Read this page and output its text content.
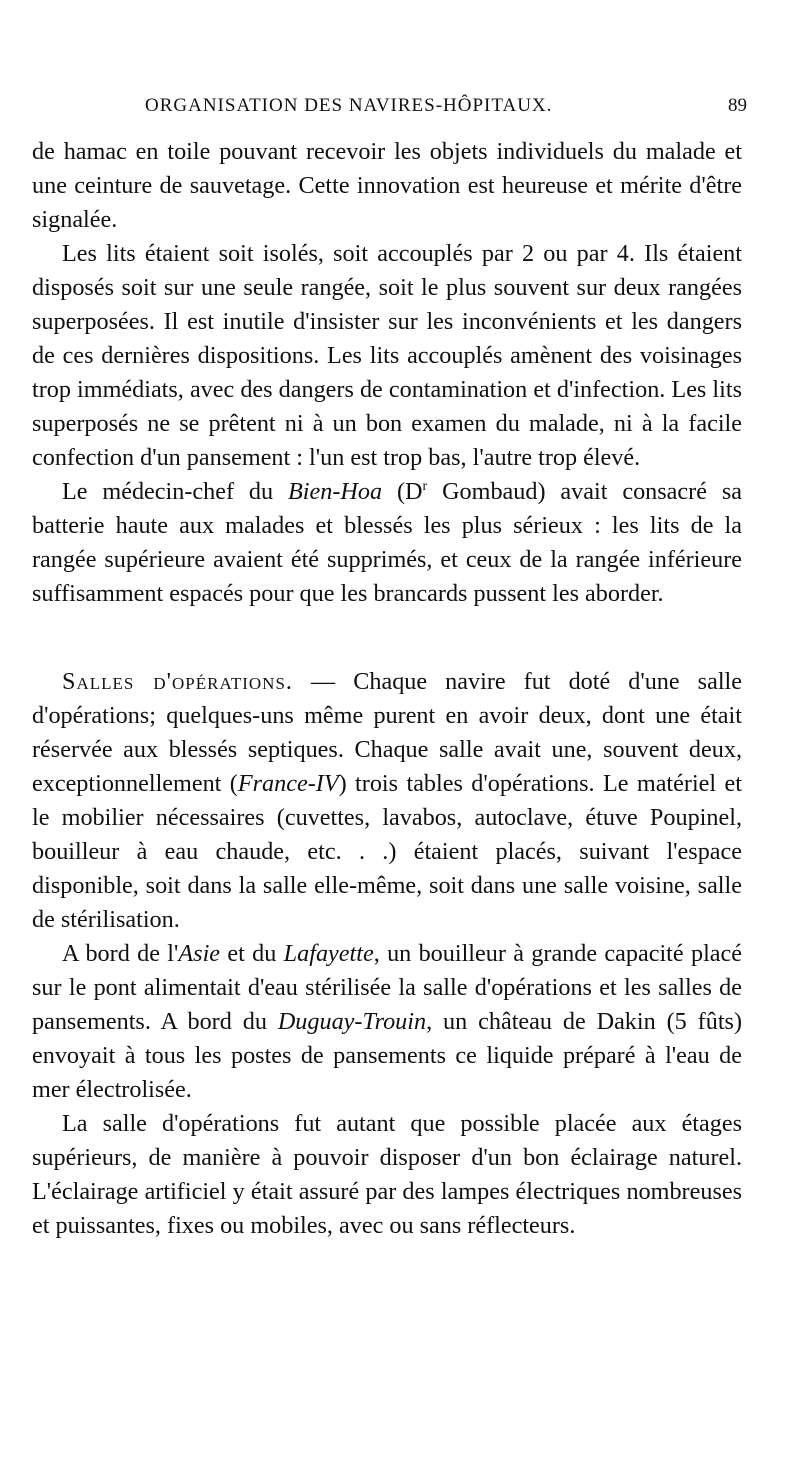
ORGANISATION DES NAVIRES-HÔPITAUX.	89

de hamac en toile pouvant recevoir les objets individuels du malade et une ceinture de sauvetage. Cette innovation est heureuse et mérite d'être signalée.

Les lits étaient soit isolés, soit accouplés par 2 ou par 4. Ils étaient disposés soit sur une seule rangée, soit le plus souvent sur deux rangées superposées. Il est inutile d'insister sur les inconvénients et les dangers de ces dernières dispositions. Les lits accouplés amènent des voisinages trop immédiats, avec des dangers de contamination et d'infection. Les lits superposés ne se prêtent ni à un bon examen du malade, ni à la facile confection d'un pansement : l'un est trop bas, l'autre trop élevé.

Le médecin-chef du Bien-Hoa ($D^r$ Gombaud) avait consacré sa batterie haute aux malades et blessés les plus sérieux : les lits de la rangée supérieure avaient été supprimés, et ceux de la rangée inférieure suffisamment espacés pour que les brancards pussent les aborder.

Salles d'opérations. — Chaque navire fut doté d'une salle d'opérations; quelques-uns même purent en avoir deux, dont une était réservée aux blessés septiques. Chaque salle avait une, souvent deux, exceptionnellement (France-IV) trois tables d'opérations. Le matériel et le mobilier nécessaires (cuvettes, lavabos, autoclave, étuve Poupinel, bouilleur à eau chaude, etc. . .) étaient placés, suivant l'espace disponible, soit dans la salle elle-même, soit dans une salle voisine, salle de stérilisation.

A bord de l'Asie et du Lafayette, un bouilleur à grande capacité placé sur le pont alimentait d'eau stérilisée la salle d'opérations et les salles de pansements. A bord du Duguay-Trouin, un château de Dakin (5 fûts) envoyait à tous les postes de pansements ce liquide préparé à l'eau de mer électrolisée.

La salle d'opérations fut autant que possible placée aux étages supérieurs, de manière à pouvoir disposer d'un bon éclairage naturel. L'éclairage artificiel y était assuré par des lampes électriques nombreuses et puissantes, fixes ou mobiles, avec ou sans réflecteurs.
